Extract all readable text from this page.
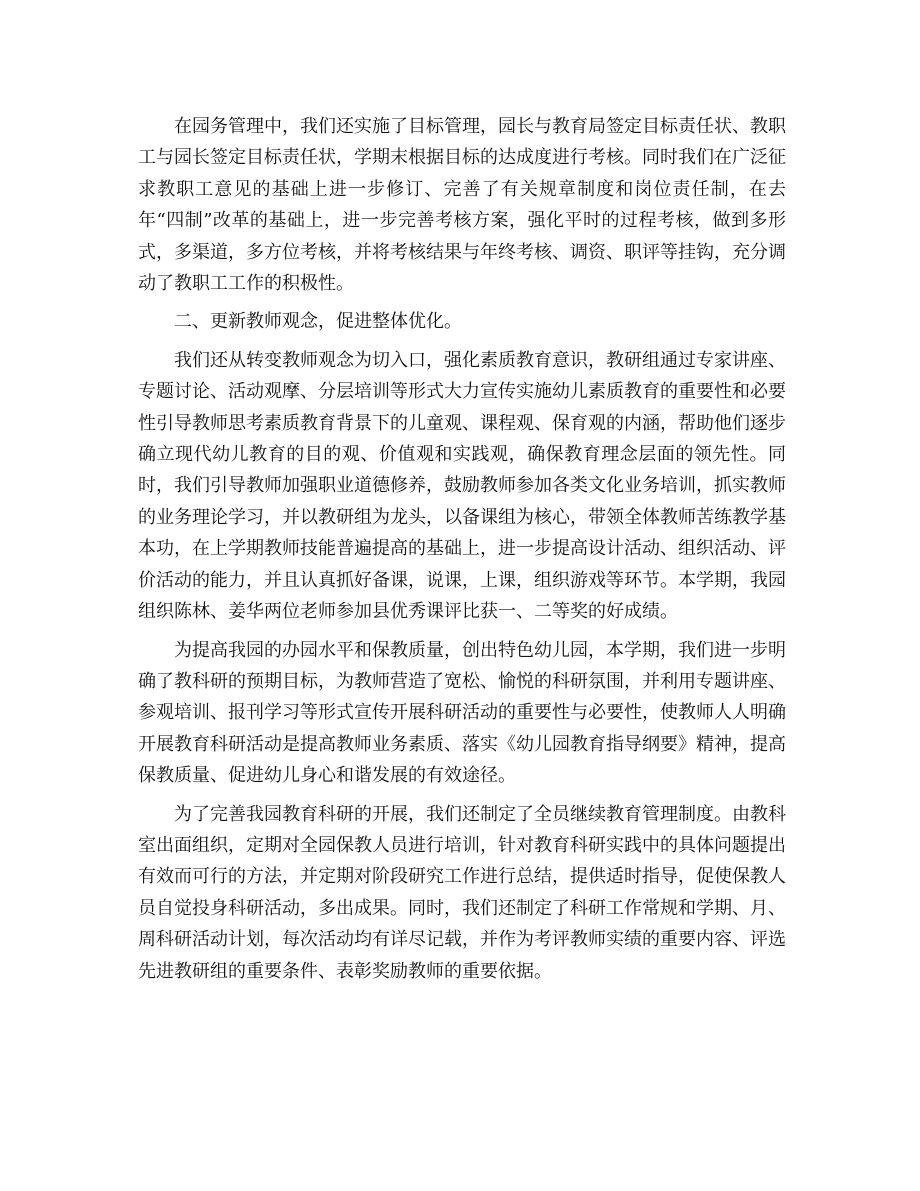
在园务管理中，我们还实施了目标管理，园长与教育局签定目标责任状、教职工与园长签定目标责任状，学期末根据目标的达成度进行考核。同时我们在广泛征求教职工意见的基础上进一步修订、完善了有关规章制度和岗位责任制，在去年“四制”改革的基础上，进一步完善考核方案，强化平时的过程考核，做到多形式，多渠道，多方位考核，并将考核结果与年终考核、调资、职评等挂钩，充分调动了教职工工作的积极性。

二、更新教师观念，促进整体优化。

我们还从转变教师观念为切入口，强化素质教育意识，教研组通过专家讲座、专题讨论、活动观摩、分层培训等形式大力宣传实施幼儿素质教育的重要性和必要性引导教师思考素质教育背景下的儿童观、课程观、保育观的内涵，帮助他们逐步确立现代幼儿教育的目的观、价值观和实践观，确保教育理念层面的领先性。同时，我们引导教师加强职业道德修养，鼓励教师参加各类文化业务培训，抓实教师的业务理论学习，并以教研组为龙头，以备课组为核心，带领全体教师苦练教学基本功，在上学期教师技能普遍提高的基础上，进一步提高设计活动、组织活动、评价活动的能力，并且认真抓好备课，说课，上课，组织游戏等环节。本学期，我园组织陈林、姜华两位老师参加县优秀课评比获一、二等奖的好成绩。

为提高我园的办园水平和保教质量，创出特色幼儿园，本学期，我们进一步明确了教科研的预期目标，为教师营造了宽松、愉悦的科研氛围，并利用专题讲座、参观培训、报刊学习等形式宣传开展科研活动的重要性与必要性，使教师人人明确开展教育科研活动是提高教师业务素质、落实《幼儿园教育指导纲要》精神，提高保教质量、促进幼儿身心和谐发展的有效途径。

为了完善我园教育科研的开展，我们还制定了全员继续教育管理制度。由教科室出面组织，定期对全园保教人员进行培训，针对教育科研实践中的具体问题提出有效而可行的方法，并定期对阶段研究工作进行总结，提供适时指导，促使保教人员自觉投身科研活动，多出成果。同时，我们还制定了科研工作常规和学期、月、周科研活动计划，每次活动均有详尽记载，并作为考评教师实绩的重要内容、评选先进教研组的重要条件、表彰奖励教师的重要依据。
